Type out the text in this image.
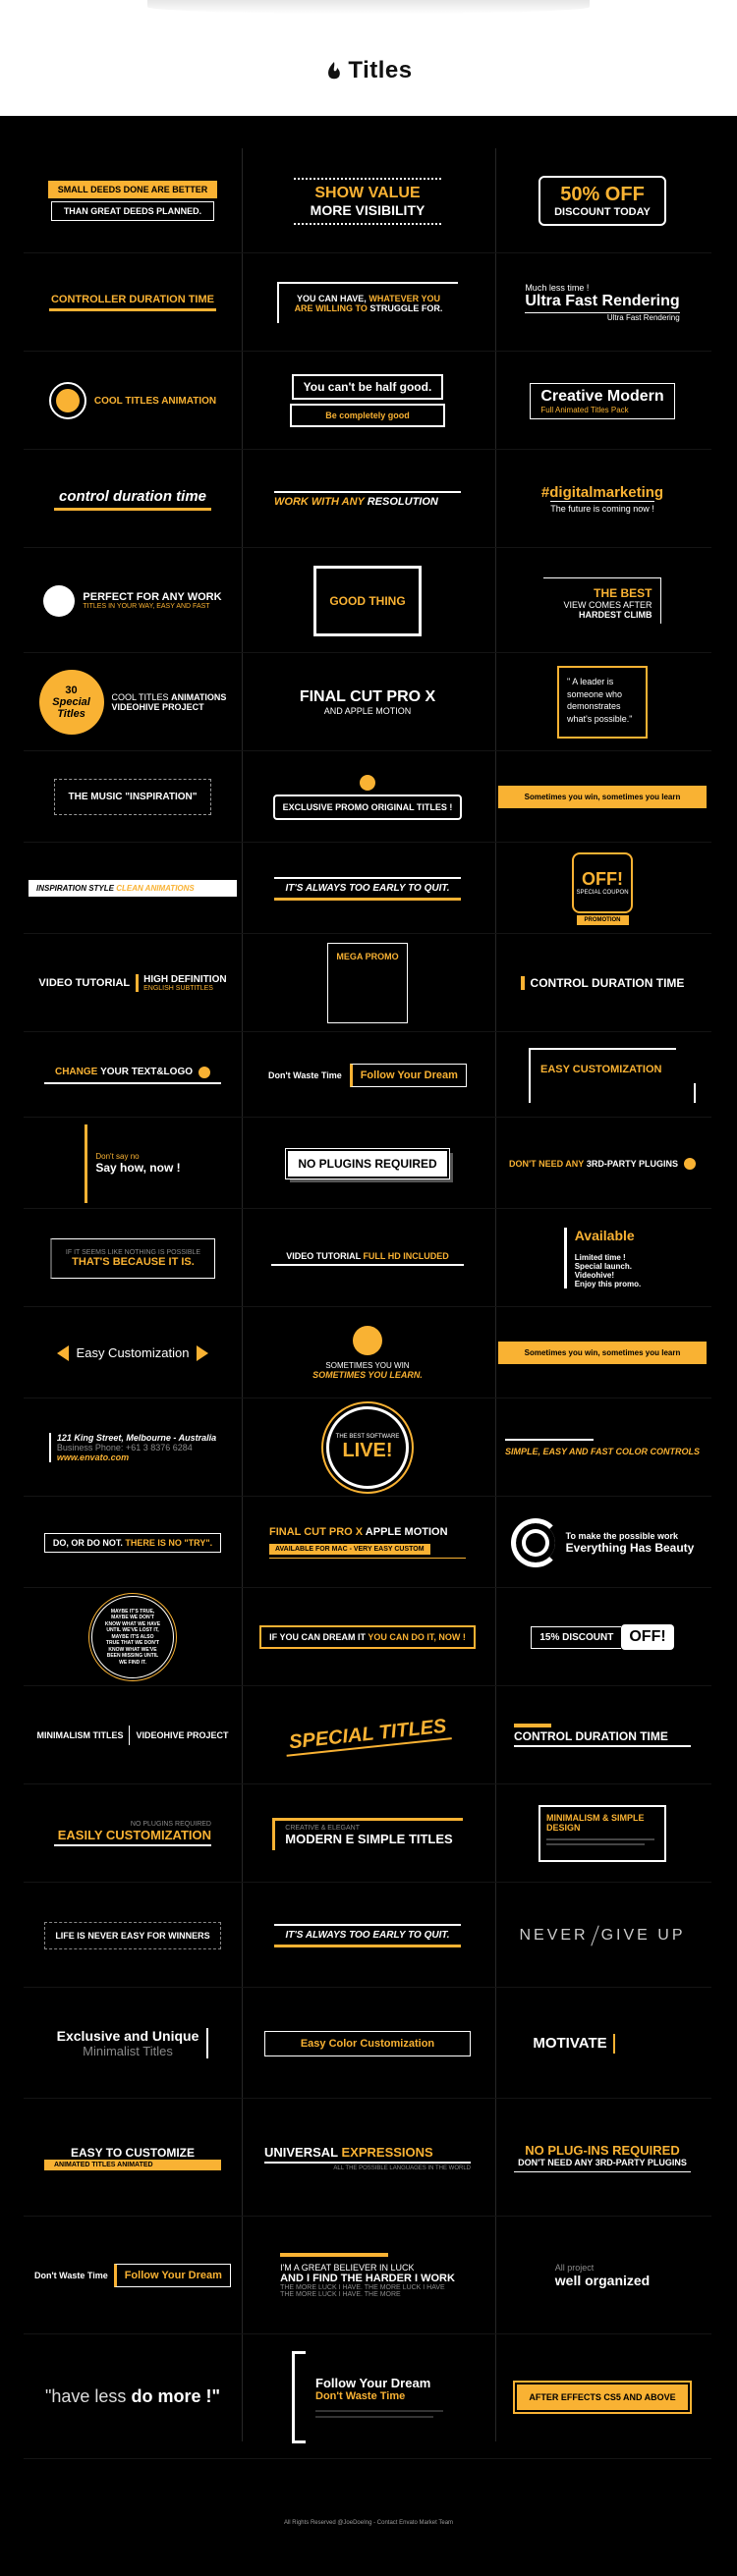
Titles
SMALL DEEDS DONE ARE BETTER
THAN GREAT DEEDS PLANNED.
SHOW VALUE
MORE VISIBILITY
50% OFF
DISCOUNT TODAY
CONTROLLER DURATION TIME	YOU CAN HAVE, WHATEVER YOU
ARE WILLING TO STRUGGLE FOR.
Much less time !
Ultra Fast Rendering
Ultra Fast Rendering
COOL TITLES ANIMATION
You can't be half good.
Be completely good
Creative Modern
Full Animated Titles Pack
control duration time	WORK WITH ANY RESOLUTION
#digitalmarketing
The future is coming now !
PERFECT FOR ANY WORK
TITLES IN YOUR WAY, EASY AND FAST	GOOD THING
THE BEST
VIEW COMES AFTER
HARDEST CLIMB
30
Special
Titles
COOL TITLES ANIMATIONS
VIDEOHIVE PROJECT
FINAL CUT PRO X
AND APPLE MOTION
" A leader is someone who demonstrates what's possible."
THE MUSIC "INSPIRATION"
EXCLUSIVE PROMO ORIGINAL TITLES !
Sometimes you win, sometimes you learn
INSPIRATION STYLE CLEAN ANIMATIONS	IT'S ALWAYS TOO EARLY TO QUIT.	OFF!
SPECIAL COUPON
PROMOTION
VIDEO TUTORIAL	HIGH DEFINITION
ENGLISH SUBTITLES
MEGA PROMO
CONTROL DURATION TIME
CHANGE
YOUR TEXT&LOGO	Don't Waste Time	Follow Your Dream	EASY CUSTOMIZATION
Don't say no
Say how, now !	NO PLUGINS REQUIRED	DON'T NEED ANY
3RD-PARTY PLUGINS
IF IT SEEMS LIKE NOTHING IS POSSIBLE
THAT'S BECAUSE IT IS.	VIDEO TUTORIAL FULL HD INCLUDED
Available
Limited time !
Special launch.
Videohive!
Enjoy this promo.
Easy Customization
SOMETIMES YOU WIN
SOMETIMES YOU LEARN.
Sometimes you win, sometimes you learn
121 King Street, Melbourne - Australia
Business Phone: +61 3 8376 6284
www.envato.com
THE BEST SOFTWARE
LIVE!	SIMPLE, EASY AND FAST COLOR CONTROLS
DO, OR DO NOT. THERE IS NO "TRY".
FINAL CUT PRO X APPLE MOTION
AVAILABLE FOR MAC - VERY EASY CUSTOM
To make the possible work
Everything Has Beauty
MAYBE IT'S TRUE, MAYBE WE DON'T KNOW WHAT WE HAVE UNTIL WE'VE LOST IT, MAYBE IT'S ALSO TRUE THAT WE DON'T KNOW WHAT WE'VE BEEN MISSING UNTIL WE FIND IT.
IF YOU CAN DREAM IT YOU CAN DO IT, NOW !	15% DISCOUNT	OFF!
MINIMALISM TITLES VIDEOHIVE PROJECT	SPECIAL TITLES	CONTROL DURATION TIME
NO PLUGINS REQUIRED
EASILY CUSTOMIZATION	CREATIVE & ELEGANT
MODERN E SIMPLE TITLES
MINIMALISM & SIMPLE DESIGN
LIFE IS NEVER EASY FOR WINNERS	IT'S ALWAYS TOO EARLY TO QUIT.	NEVER GIVE UP
Exclusive and Unique
Minimalist Titles
Easy Color Customization	MOTIVATE
EASY TO CUSTOMIZE
ANIMATED TITLES ANIMATED
UNIVERSAL EXPRESSIONS
ALL THE POSSIBLE LANGUAGES IN THE WORLD
NO PLUG-INS REQUIRED
DON'T NEED ANY 3RD-PARTY PLUGINS
Don't Waste Time	Follow Your Dream
I'M A GREAT BELIEVER IN LUCK
AND I FIND THE HARDER I WORK
THE MORE LUCK I HAVE. THE MORE LUCK I HAVE
THE MORE LUCK I HAVE. THE MORE
All project
well organized
"have less do more !"
Follow Your Dream
Don't Waste Time	AFTER EFFECTS CS5 AND ABOVE
All Rights Reserved @JoeDoeIng - Contact Envato Market Team
